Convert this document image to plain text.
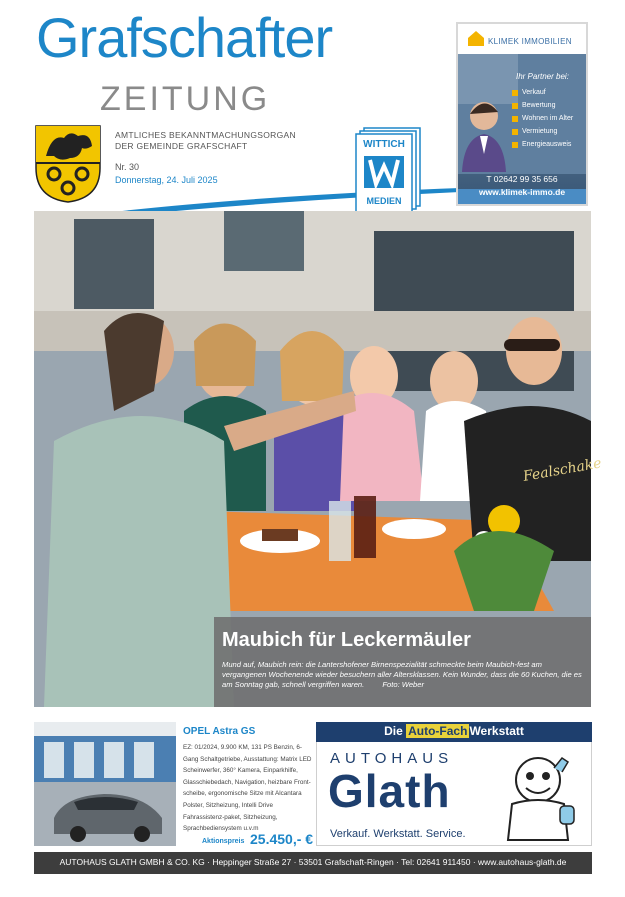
Grafschafter
ZEITUNG
AMTLICHES BEKANNTMACHUNGSORGAN
DER GEMEINDE GRAFSCHAFT
Nr. 30
Donnerstag, 24. Juli 2025
WITTICH
MEDIEN
KLIMEK IMMOBILIEN
Ihr Partner bei:
Verkauf
Bewertung
Wohnen im Alter
Vermietung
Energieausweis
T 02642 99 35 656
www.klimek-immo.de
Fealschake
Maubich für Leckermäuler
Mund auf, Maubich rein: die Lantershofener Birnenspezialität schmeckte beim Maubich-fest am vergangenen Wochenende wieder besuchern aller Altersklassen. Kein Wunder, dass die 60 Kuchen, die es am Sonntag gab, schnell vergriffen waren. Foto: Weber
OPEL Astra GS
EZ: 01/2024, 9.900 KM, 131 PS Benzin, 6-Gang Schaltgetriebe, Ausstattung: Matrix LED Scheinwerfer, 360° Kamera, Einparkhilfe, Glasschiebedach, Navigation, heizbare Front-scheibe, ergonomische Sitze mit Alcantara Polster, Sitzheizung, Intelli Drive Fahrassistenz-paket, Sitzheizung, Sprachbediensystem u.v.m
Aktionspreis 25.450,- €
Die Auto-Fach Werkstatt
AUTOHAUS
Glath
Verkauf. Werkstatt. Service.
AUTOHAUS GLATH GMBH & CO. KG · Heppinger Straße 27 · 53501 Grafschaft-Ringen · Tel: 02641 911450 · www.autohaus-glath.de
